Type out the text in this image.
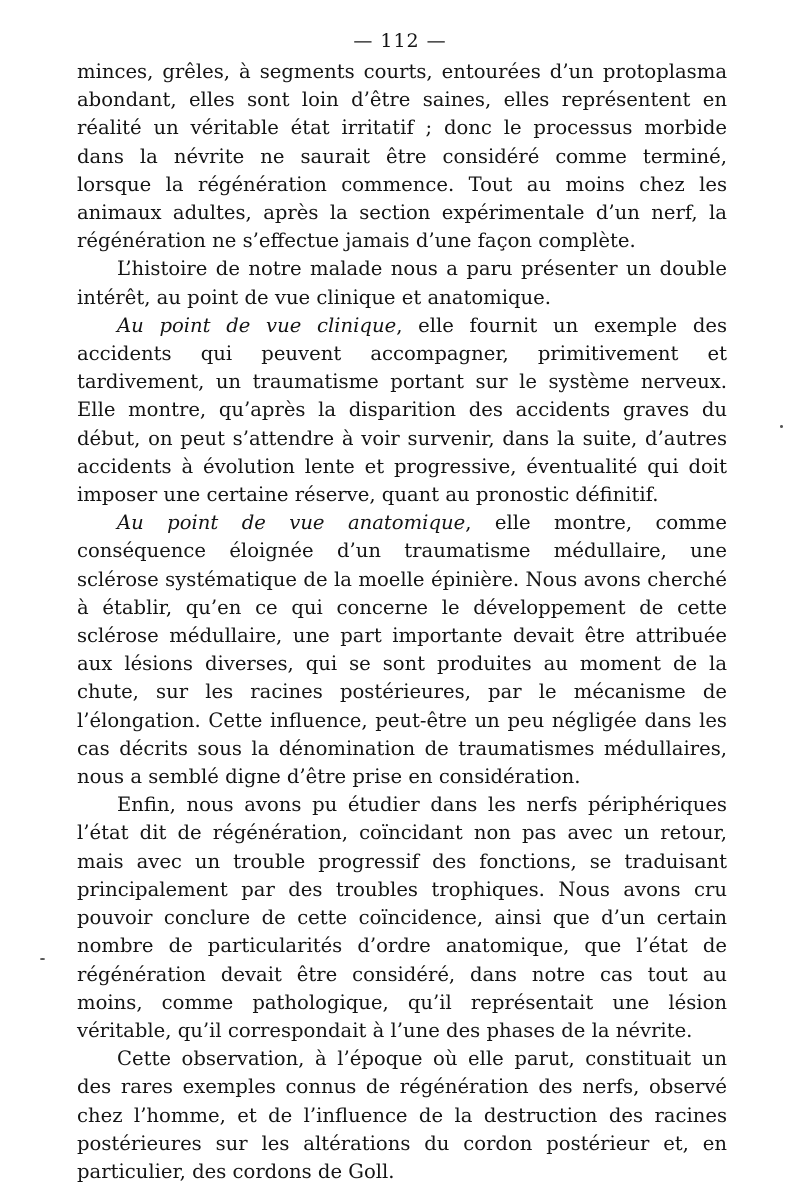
— 112 —

minces, grêles, à segments courts, entourées d’un protoplasma abondant, elles sont loin d’être saines, elles représentent en réalité un véritable état irritatif ; donc le processus morbide dans la névrite ne saurait être considéré comme terminé, lorsque la régénération commence. Tout au moins chez les animaux adultes, après la section expérimentale d’un nerf, la régénération ne s’effectue jamais d’une façon complète.

L’histoire de notre malade nous a paru présenter un double intérêt, au point de vue clinique et anatomique.

Au point de vue clinique, elle fournit un exemple des accidents qui peuvent accompagner, primitivement et tardivement, un traumatisme portant sur le système nerveux. Elle montre, qu’après la disparition des accidents graves du début, on peut s’attendre à voir survenir, dans la suite, d’autres accidents à évolution lente et progressive, éventualité qui doit imposer une certaine réserve, quant au pronostic définitif.

Au point de vue anatomique, elle montre, comme conséquence éloignée d’un traumatisme médullaire, une sclérose systématique de la moelle épinière. Nous avons cherché à établir, qu’en ce qui concerne le développement de cette sclérose médullaire, une part importante devait être attribuée aux lésions diverses, qui se sont produites au moment de la chute, sur les racines postérieures, par le mécanisme de l’élongation. Cette influence, peut-être un peu négligée dans les cas décrits sous la dénomination de traumatismes médullaires, nous a semblé digne d’être prise en considération.

Enfin, nous avons pu étudier dans les nerfs périphériques l’état dit de régénération, coïncidant non pas avec un retour, mais avec un trouble progressif des fonctions, se traduisant principalement par des troubles trophiques. Nous avons cru pouvoir conclure de cette coïncidence, ainsi que d’un certain nombre de particularités d’ordre anatomique, que l’état de régénération devait être considéré, dans notre cas tout au moins, comme pathologique, qu’il représentait une lésion véritable, qu’il correspondait à l’une des phases de la névrite.

Cette observation, à l’époque où elle parut, constituait un des rares exemples connus de régénération des nerfs, observé chez l’homme, et de l’influence de la destruction des racines postérieures sur les altérations du cordon postérieur et, en particulier, des cordons de Goll.
